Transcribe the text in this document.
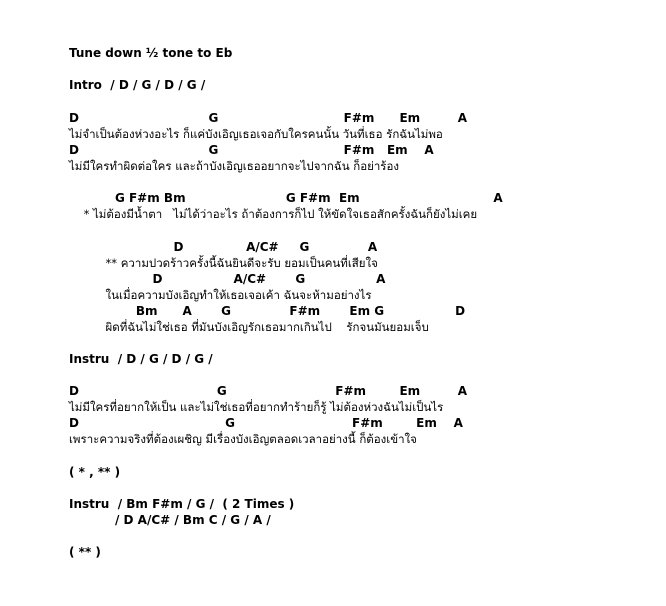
Tune down ½ tone to Eb
Intro  / D / G / D / G /
D                               G                              F#m      Em         A
ไม่จำเป็นต้องห่วงอะไร ก็แค่บังเอิญเธอเจอกับใครคนนั้น วันที่เธอ รักฉันไม่พอ
D                               G                              F#m   Em    A
ไม่มีใครทำผิดต่อใคร และถ้าบังเอิญเธออยากจะไปจากฉัน ก็อย่าร้อง
G F#m Bm                        G F#m  Em                                A
* ไม่ต้องมีน้ำตา   ไม่ได้ว่าอะไร ถ้าต้องการก็ไป ให้ขัดใจเธอสักครั้งฉันก็ยังไม่เคย
D               A/C#     G              A
** ความปวดร้าวครั้งนี้ฉันยินดีจะรับ ยอมเป็นคนที่เสียใจ
D                 A/C#       G                 A
ในเมื่อความบังเอิญทำให้เธอเจอเค้า ฉันจะห้ามอย่างไร
Bm      A       G              F#m       Em G                 D
ผิดที่ฉันไม่ใช่เธอ ที่มันบังเอิญรักเธอมากเกินไป    รักจนมันยอมเจ็บ
Instru  / D / G / D / G /
D                                 G                          F#m        Em         A
ไม่มีใครที่อยากให้เป็น และไม่ใช่เธอที่อยากทำร้ายก็รู้ ไม่ต้องห่วงฉันไม่เป็นไร
D                                   G                            F#m        Em    A
เพราะความจริงที่ต้องเผชิญ มีเรื่องบังเอิญตลอดเวลาอย่างนี้ ก็ต้องเข้าใจ
( * , ** )
Instru  / Bm F#m / G /  ( 2 Times )
/ D A/C# / Bm C / G / A /
( ** )
